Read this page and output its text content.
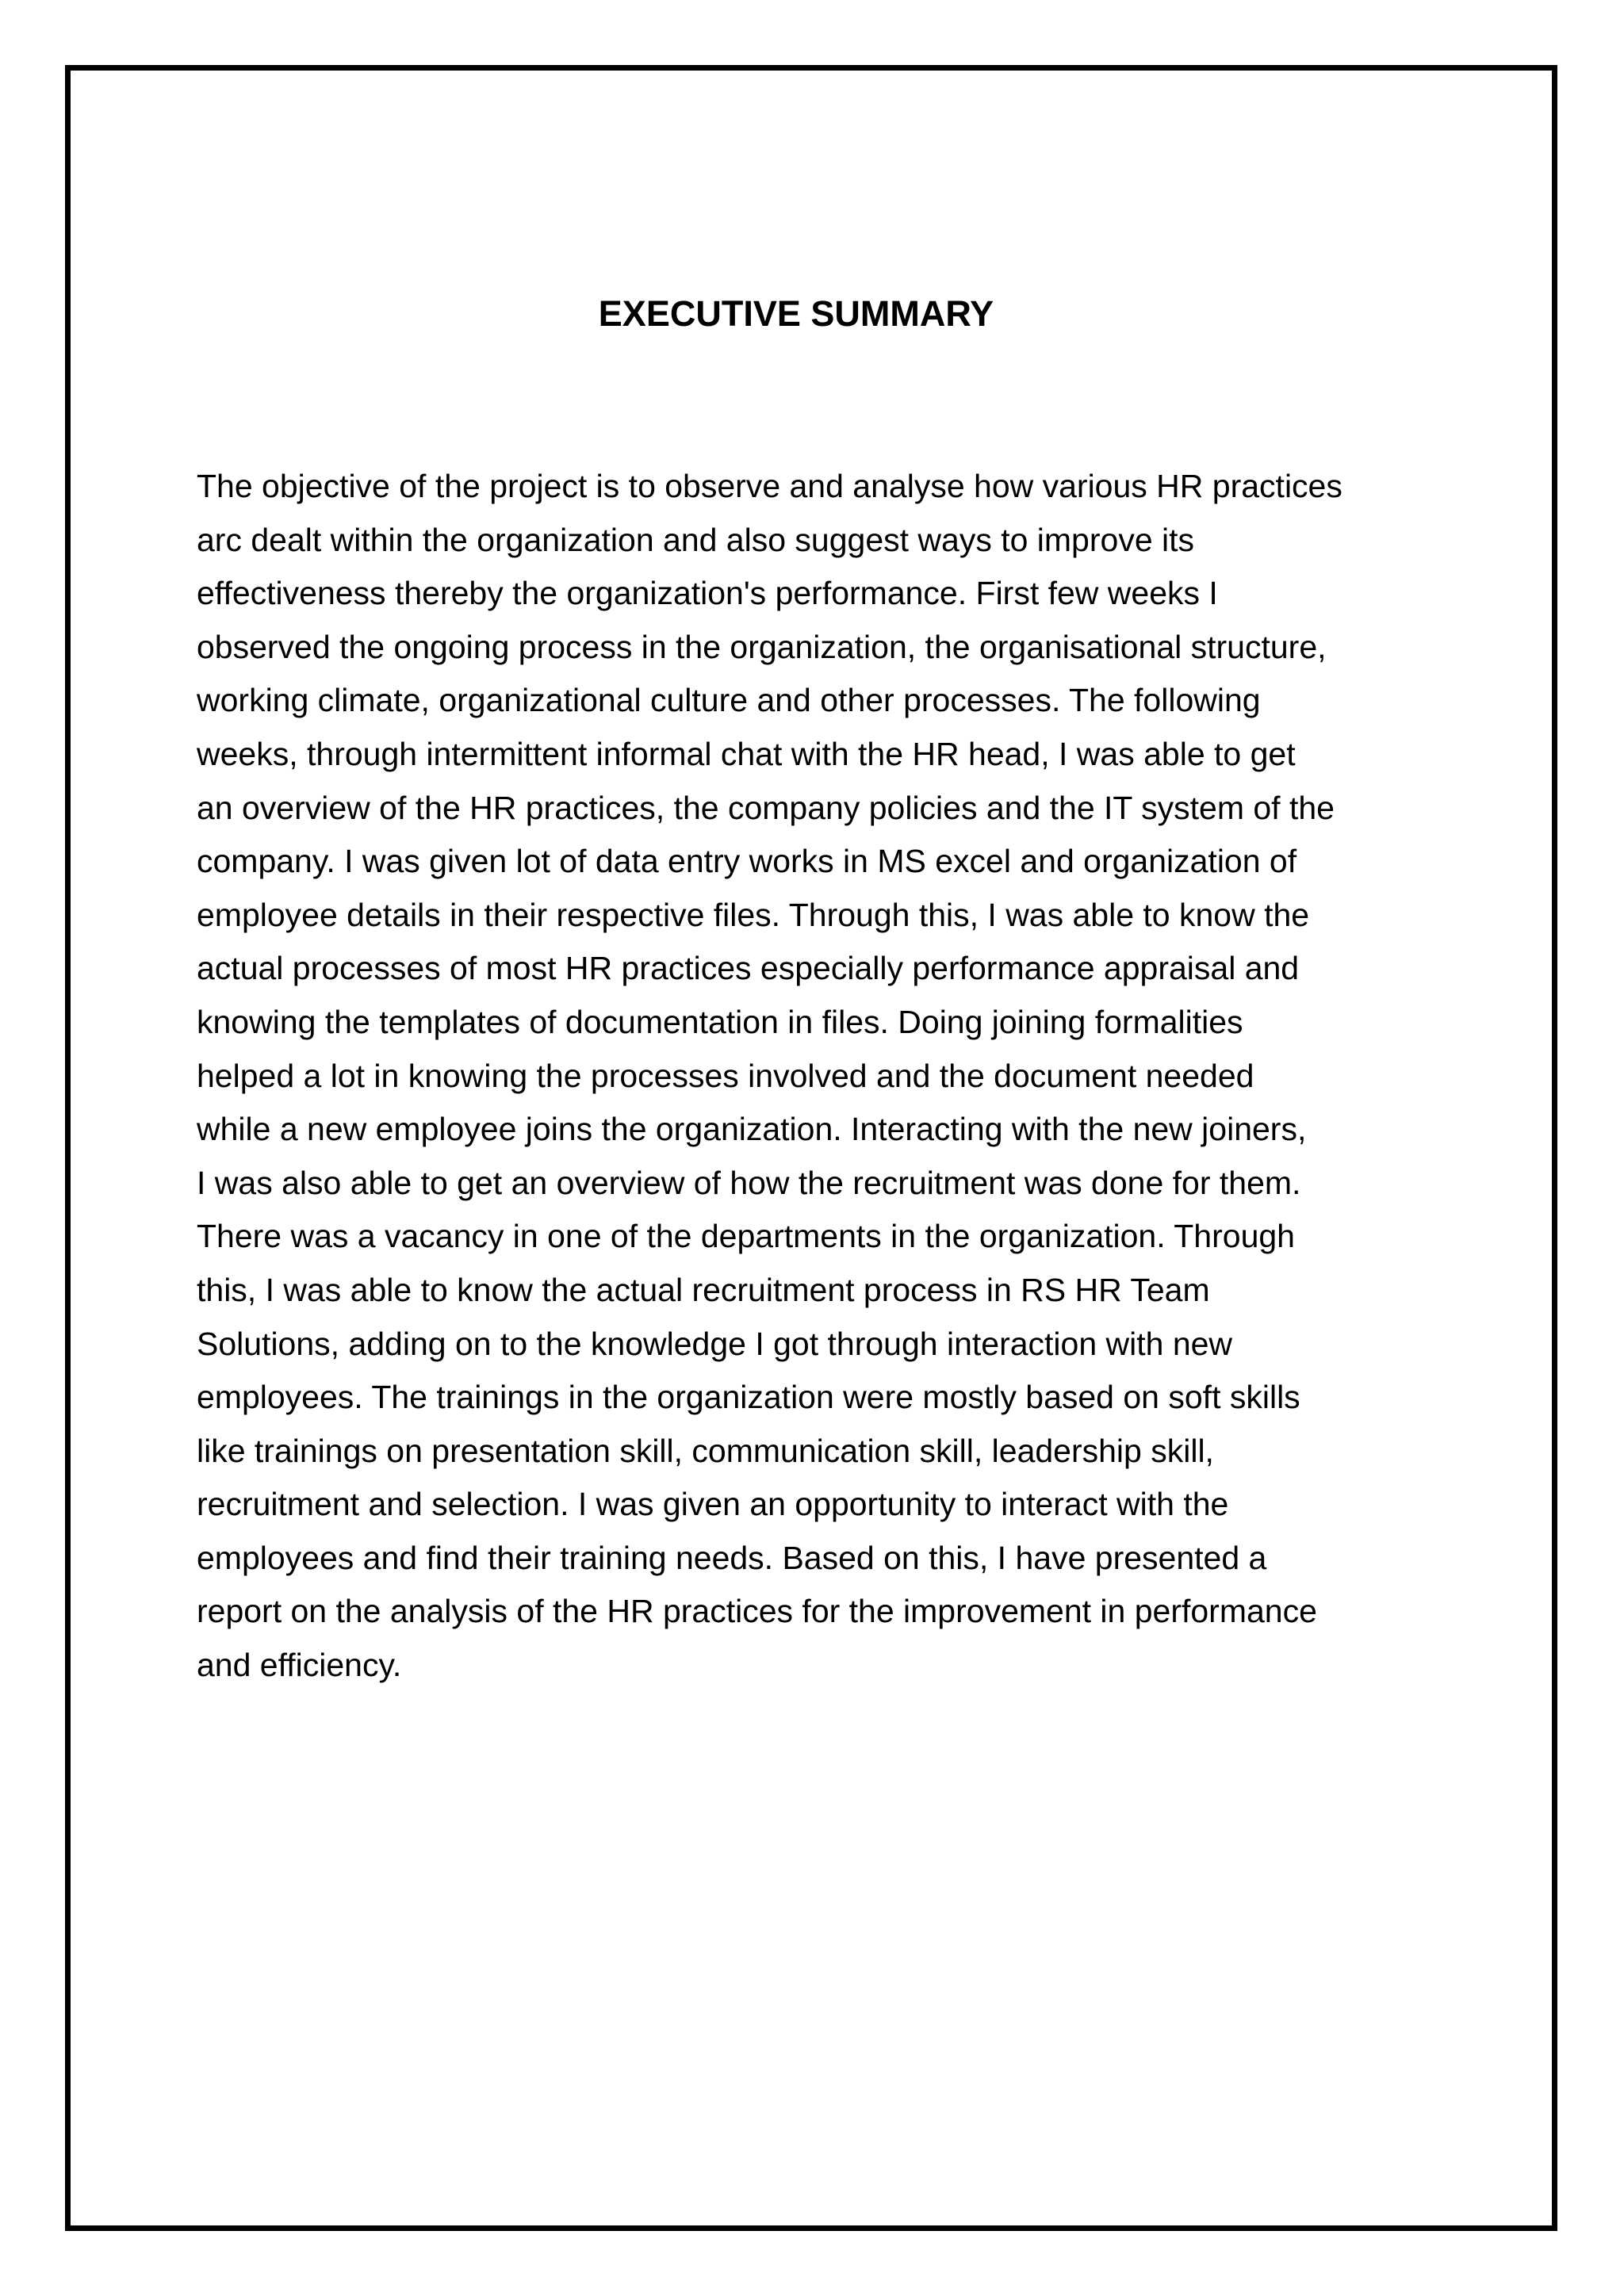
EXECUTIVE SUMMARY
The objective of the project is to observe and analyse how various HR practices
arc dealt within the organization and also suggest ways to improve its
effectiveness thereby the organization's performance. First few weeks I
observed the ongoing process in the organization, the organisational structure,
working climate, organizational culture and other processes. The following
weeks, through intermittent informal chat with the HR head, I was able to get
an overview of the HR practices, the company policies and the IT system of the
company. I was given lot of data entry works in MS excel and organization of
employee details in their respective files. Through this, I was able to know the
actual processes of most HR practices especially performance appraisal and
knowing the templates of documentation in files. Doing joining formalities
helped a lot in knowing the processes involved and the document needed
while a new employee joins the organization. Interacting with the new joiners,
I was also able to get an overview of how the recruitment was done for them.
There was a vacancy in one of the departments in the organization. Through
this, I was able to know the actual recruitment process in RS HR Team
Solutions, adding on to the knowledge I got through interaction with new
employees. The trainings in the organization were mostly based on soft skills
like trainings on presentation skill, communication skill, leadership skill,
recruitment and selection. I was given an opportunity to interact with the
employees and find their training needs. Based on this, I have presented a
report on the analysis of the HR practices for the improvement in performance
and efficiency.
